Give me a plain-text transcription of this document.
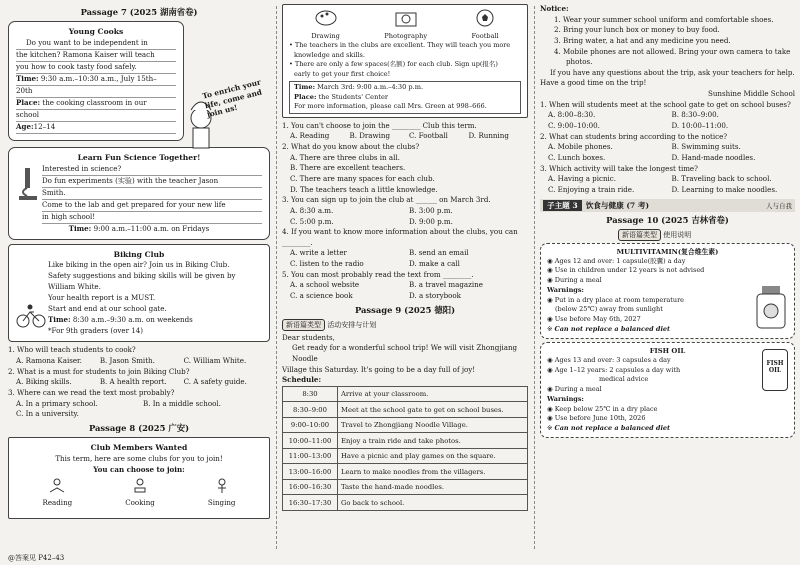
Passage 7 (2025 湖南省卷)
Young Cooks
Do you want to be independent in
the kitchen? Ramona Kaiser will teach
you how to cook tasty food safely.
Time: 9:30 a.m.–10:30 a.m., July 15th–
20th
Place: the cooking classroom in our
school
Age:12–14
To enrich your life, come and join us!
Learn Fun Science Together!
Interested in science?
Do fun experiments (实验) with the teacher Jason
Smith.
Come to the lab and get prepared for your new life
in high school!
Time: 9:00 a.m.–11:00 a.m. on Fridays
Biking Club
Like biking in the open air? Join us in Biking Club.
Safety suggestions and biking skills will be given by
William White.
Your health report is a MUST.
Start and end at our school gate.
Time: 8:30 a.m.–9:30 a.m. on weekends
*For 9th graders (over 14)
1. Who will teach students to cook?
A. Ramona Kaiser.	B. Jason Smith.	C. William White.
2. What is a must for students to join Biking Club?
A. Biking skills.	B. A health report.	C. A safety guide.
3. Where can we read the text most probably?
A. In a primary school.	B. In a middle school.
C. In a university.
Passage 8 (2025 广安)
Club Members Wanted
This term, here are some clubs for you to join!
You can choose to join:
Reading	Cooking	Singing
@答案见 P42–43
Drawing	Photography	Football
• The teachers in the clubs are excellent. They will teach you more
knowledge and skills.
• There are only a few spaces(名额) for each club. Sign up(报名)
early to get your first choice!
Time: March 3rd: 9:00 a.m.–4:30 p.m.
Place: the Students' Center
For more information, please call Mrs. Green at 998–666.
1. You can't choose to join the ________ Club this term.
A. Reading	B. Drawing	C. Football	D. Running
2. What do you know about the clubs?
A. There are three clubs in all.
B. There are excellent teachers.
C. There are many spaces for each club.
D. The teachers teach a little knowledge.
3. You can sign up to join the club at ______ on March 3rd.
A. 8:30 a.m.	B. 3:00 p.m.
C. 5:00 p.m.	D. 9:00 p.m.
4. If you want to know more information about the clubs, you can ________.
A. write a letter	B. send an email
C. listen to the radio	D. make a call
5. You can most probably read the text from ________.
A. a school website	B. a travel magazine
C. a science book	D. a storybook
Passage 9 (2025 德阳)
新语篇类型 活动安排与计划
Dear students,
Get ready for a wonderful school trip! We will visit Zhongjiang Noodle
Village this Saturday. It's going to be a day full of joy!
Schedule:
8:30	Arrive at your classroom.
8:30–9:00	Meet at the school gate to get on school buses.
9:00–10:00	Travel to Zhongjiang Noodle Village.
10:00–11:00	Enjoy a train ride and take photos.
11:00–13:00	Have a picnic and play games on the square.
13:00–16:00	Learn to make noodles from the villagers.
16:00–16:30	Taste the hand-made noodles.
16:30–17:30	Go back to school.
Notice:
1. Wear your summer school uniform and comfortable shoes.
2. Bring your lunch box or money to buy food.
3. Bring water, a hat and any medicine you need.
4. Mobile phones are not allowed. Bring your own camera to take
photos.
If you have any questions about the trip, ask your teachers for help.
Have a good time on the trip!
Sunshine Middle School
1. When will students meet at the school gate to get on school buses?
A. 8:00–8:30.	B. 8:30–9:00.
C. 9:00–10:00.	D. 10:00–11:00.
2. What can students bring according to the notice?
A. Mobile phones.	B. Swimming suits.
C. Lunch boxes.	D. Hand-made noodles.
3. Which activity will take the longest time?
A. Having a picnic.	B. Traveling back to school.
C. Enjoying a train ride.	D. Learning to make noodles.
子主题 3	饮食与健康 (7 考)	人与自我
Passage 10 (2025 吉林省卷)
新语篇类型 使用说明
MULTIVITAMIN(复合维生素)
◉ Ages 12 and over: 1 capsule(胶囊) a day
◉ Use in children under 12 years is not advised
◉ During a meal
Warnings:
◉ Put in a dry place at room temperature
(below 25℃) away from sunlight
◉ Use before May 6th, 2027
※ Can not replace a balanced diet
FISH OIL
◉ Ages 13 and over: 3 capsules a day
◉ Age 1–12 years: 2 capsules a day with
medical advice
◉ During a meal
Warnings:
◉ Keep below 25℃ in a dry place
◉ Use before June 10th, 2026
※ Can not replace a balanced diet
FISH OIL
